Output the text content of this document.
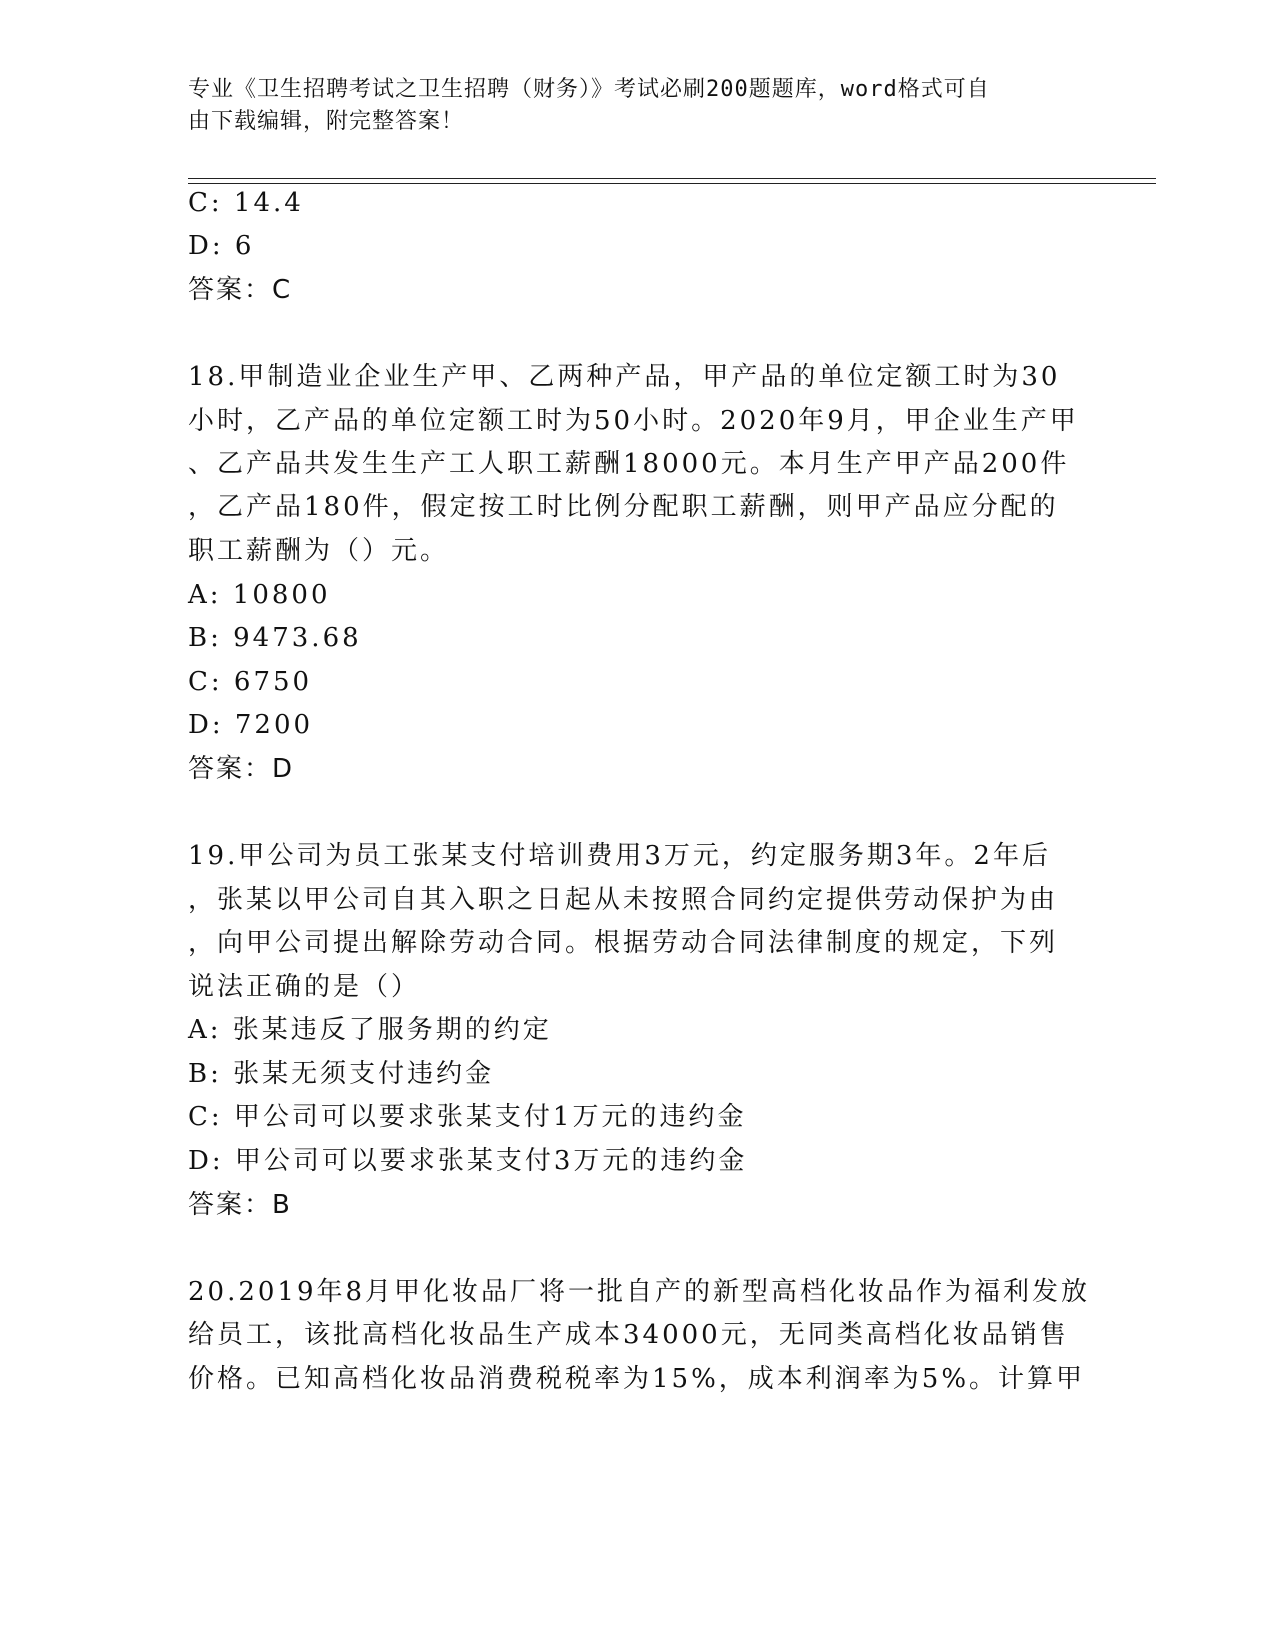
专业《卫生招聘考试之卫生招聘（财务）》考试必刷200题题库，word格式可自
由下载编辑，附完整答案！
C: 14.4
D: 6
答案：C
18.甲制造业企业生产甲、乙两种产品，甲产品的单位定额工时为30
小时，乙产品的单位定额工时为50小时。2020年9月，甲企业生产甲
、乙产品共发生生产工人职工薪酬18000元。本月生产甲产品200件
，乙产品180件，假定按工时比例分配职工薪酬，则甲产品应分配的
职工薪酬为（）元。
A: 10800
B: 9473.68
C: 6750
D: 7200
答案：D
19.甲公司为员工张某支付培训费用3万元，约定服务期3年。2年后
，张某以甲公司自其入职之日起从未按照合同约定提供劳动保护为由
，向甲公司提出解除劳动合同。根据劳动合同法律制度的规定，下列
说法正确的是（）
A: 张某违反了服务期的约定
B: 张某无须支付违约金
C: 甲公司可以要求张某支付1万元的违约金
D: 甲公司可以要求张某支付3万元的违约金
答案：B
20.2019年8月甲化妆品厂将一批自产的新型高档化妆品作为福利发放
给员工，该批高档化妆品生产成本34000元，无同类高档化妆品销售
价格。已知高档化妆品消费税税率为15%，成本利润率为5%。计算甲
